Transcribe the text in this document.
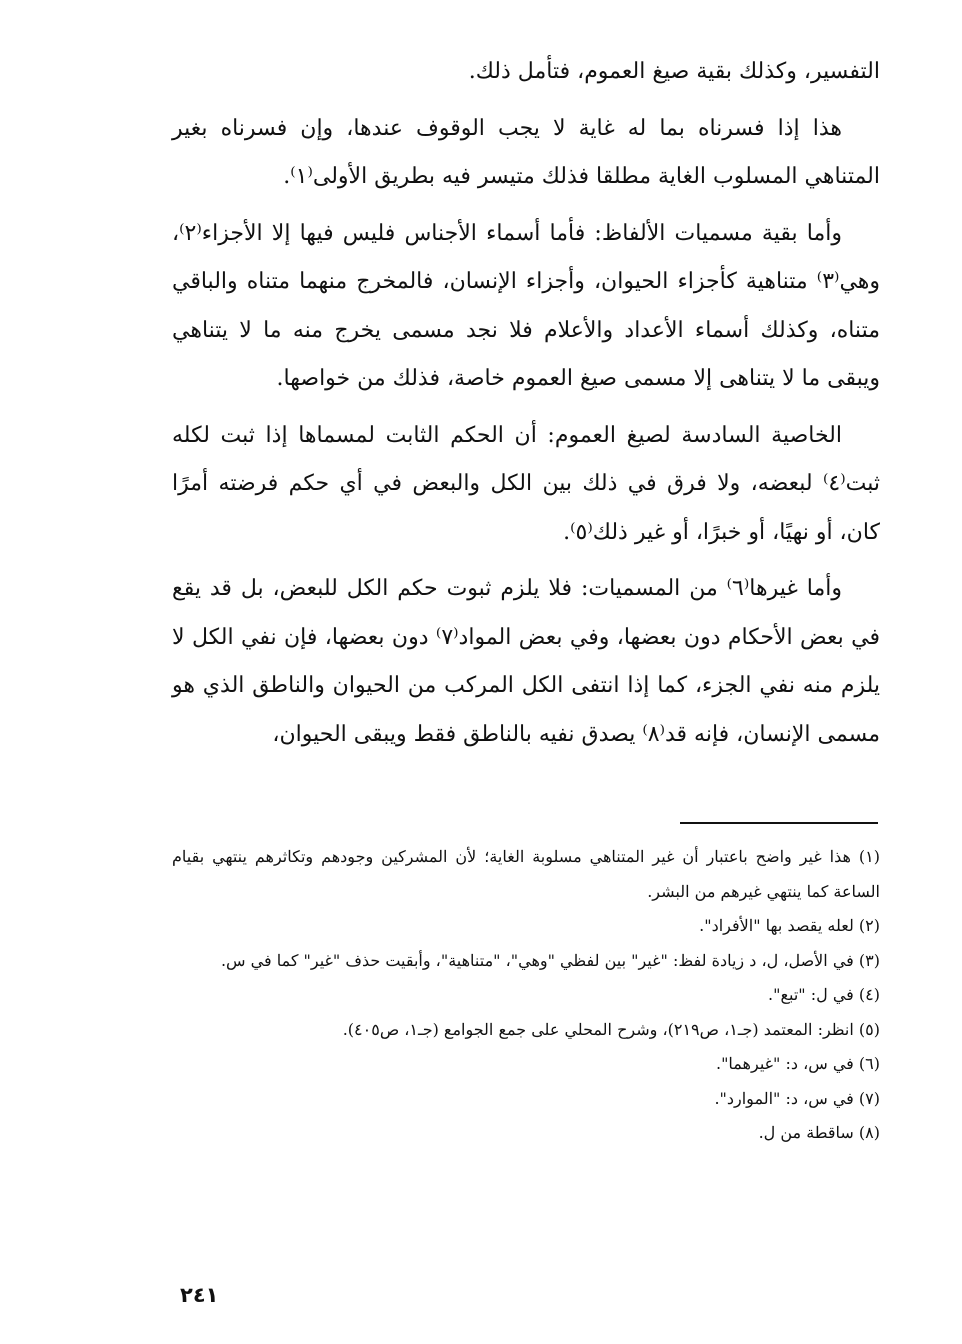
التفسير، وكذلك بقية صيغ العموم، فتأمل ذلك.

هذا إذا فسرناه بما له غاية لا يجب الوقوف عندها، وإن فسرناه بغير المتناهي المسلوب الغاية مطلقا فذلك متيسر فيه بطريق الأولى⁽١⁾.

وأما بقية مسميات الألفاظ: فأما أسماء الأجناس فليس فيها إلا الأجزاء⁽٢⁾، وهي⁽٣⁾ متناهية كأجزاء الحيوان، وأجزاء الإنسان، فالمخرج منهما متناه والباقي متناه، وكذلك أسماء الأعداد والأعلام فلا نجد مسمى يخرج منه ما لا يتناهي ويبقى ما لا يتناهى إلا مسمى صيغ العموم خاصة، فذلك من خواصها.

الخاصية السادسة لصيغ العموم: أن الحكم الثابت لمسماها إذا ثبت لكله ثبت⁽٤⁾ لبعضه، ولا فرق في ذلك بين الكل والبعض في أي حكم فرضته أمرًا كان، أو نهيًا، أو خبرًا، أو غير ذلك⁽٥⁾.

وأما غيرها⁽٦⁾ من المسميات: فلا يلزم ثبوت حكم الكل للبعض، بل قد يقع في بعض الأحكام دون بعضها، وفي بعض المواد⁽٧⁾ دون بعضها، فإن نفي الكل لا يلزم منه نفي الجزء، كما إذا انتفى الكل المركب من الحيوان والناطق الذي هو مسمى الإنسان، فإنه قد⁽٨⁾ يصدق نفيه بالناطق فقط ويبقى الحيوان،

(١) هذا غير واضح باعتبار أن غير المتناهي مسلوبة الغاية؛ لأن المشركين وجودهم وتكاثرهم ينتهي بقيام الساعة كما ينتهي غيرهم من البشر.

(٢) لعله يقصد بها "الأفراد".

(٣) في الأصل، ل، د زيادة لفظ: "غير" بين لفظي "وهي"، "متناهية"، وأبقيت حذف "غير" كما في س.

(٤) في ل: "تبع".

(٥) انظر: المعتمد (جـ١، ص٢١٩)، وشرح المحلي على جمع الجوامع (جـ١، ص٤٠٥).

(٦) في س، د: "غيرهما".

(٧) في س، د: "الموارد".

(٨) ساقطة من ل.

٢٤١
